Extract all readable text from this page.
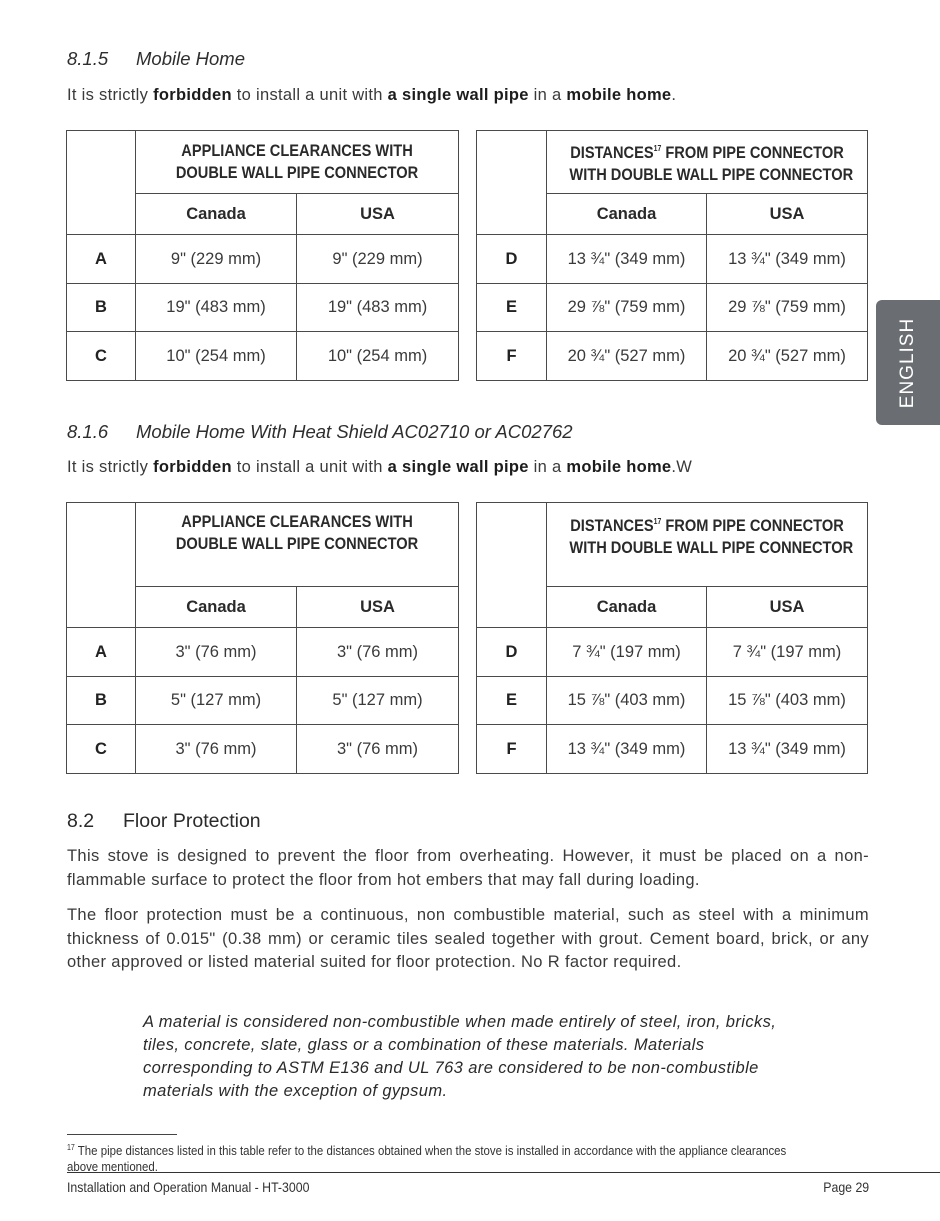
8.1.5 Mobile Home
It is strictly forbidden to install a unit with a single wall pipe in a mobile home.

	APPLIANCE CLEARANCES WITH DOUBLE WALL PIPE CONNECTOR	

	Canada	USA
A	9" (229 mm)	9" (229 mm)
B	19" (483 mm)	19" (483 mm)
C	10" (254 mm)	10" (254 mm)

	DISTANCES$^{17}$ FROM PIPE CONNECTOR
WITH DOUBLE WALL PIPE CONNECTOR	

	Canada	USA
D	13 ¾" (349 mm)	13 ¾" (349 mm)
E	29 ⅞" (759 mm)	29 ⅞" (759 mm)
F	20 ¾" (527 mm)	20 ¾" (527 mm)
8.1.6 Mobile Home With Heat Shield AC02710 or AC02762
It is strictly forbidden to install a unit with a single wall pipe in a mobile home.W

	APPLIANCE CLEARANCES WITH DOUBLE WALL PIPE CONNECTOR	

	Canada	USA
A	3" (76 mm)	3" (76 mm)
B	5" (127 mm)	5" (127 mm)
C	3" (76 mm)	3" (76 mm)

	DISTANCES$^{17}$ FROM PIPE CONNECTOR
WITH DOUBLE WALL PIPE CONNECTOR	

	Canada	USA
D	7 ¾" (197 mm)	7 ¾" (197 mm)
E	15 ⅞" (403 mm)	15 ⅞" (403 mm)
F	13 ¾" (349 mm)	13 ¾" (349 mm)
8.2 Floor Protection
This stove is designed to prevent the floor from overheating. However, it must be placed on a non-flammable surface to protect the floor from hot embers that may fall during loading.
The floor protection must be a continuous, non combustible material, such as steel with a minimum thickness of 0.015" (0.38 mm) or ceramic tiles sealed together with grout. Cement board, brick, or any other approved or listed material suited for floor protection. No R factor required.
A material is considered non-combustible when made entirely of steel, iron, bricks, tiles, concrete, slate, glass or a combination of these materials. Materials corresponding to ASTM E136 and UL 763 are considered to be non-combustible materials with the exception of gypsum.
$^{17}$ The pipe distances listed in this table refer to the distances obtained when the stove is installed in accordance with the appliance clearances above mentioned.
Installation and Operation Manual - HT-3000	Page 29
ENGLISH
